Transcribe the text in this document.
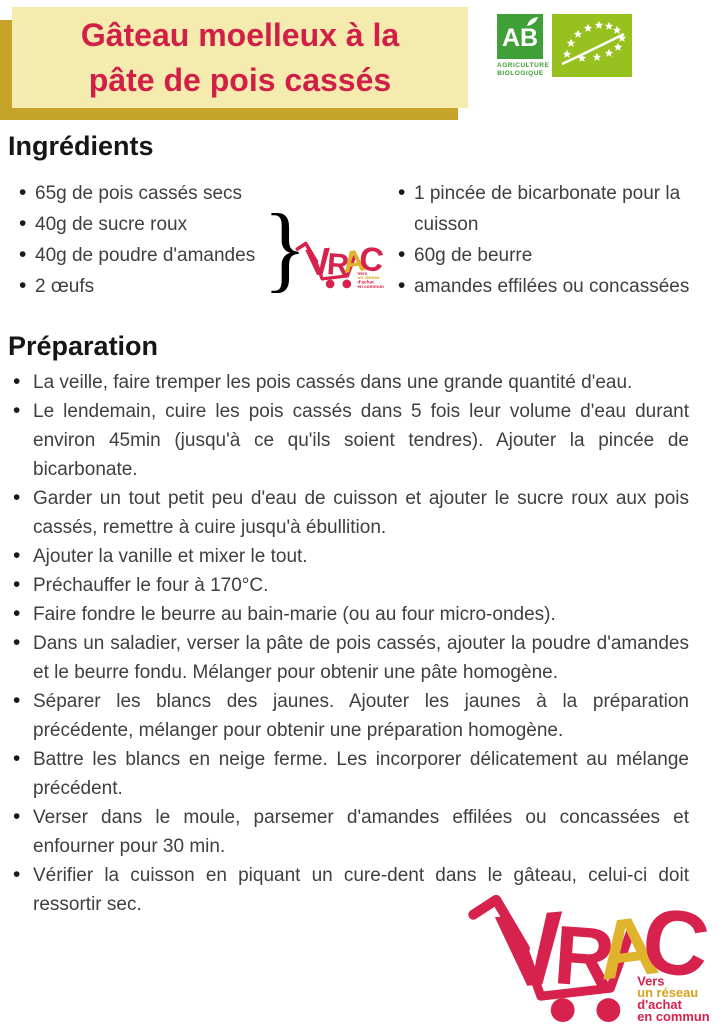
Gâteau moelleux à la
pâte de pois cassés
AB
AGRICULTURE
BIOLOGIQUE
Ingrédients
• 65g de pois cassés secs
• 40g de sucre roux
• 40g de poudre d'amandes
• 2 œufs
• 1 pincée de bicarbonate pour la cuisson
• 60g de beurre
• amandes effilées ou concassées
}
Préparation
• La veille, faire tremper les pois cassés dans une grande quantité d'eau.
• Le lendemain, cuire les pois cassés dans 5 fois leur volume d'eau durant environ 45min (jusqu'à ce qu'ils soient tendres). Ajouter la pincée de bicarbonate.
• Garder un tout petit peu d'eau de cuisson et ajouter le sucre roux aux pois cassés, remettre à cuire jusqu'à ébullition.
• Ajouter la vanille et mixer le tout.
• Préchauffer le four à 170°C.
• Faire fondre le beurre au bain-marie (ou au four micro-ondes).
• Dans un saladier, verser la pâte de pois cassés, ajouter la poudre d'amandes et le beurre fondu. Mélanger pour obtenir une pâte homogène.
• Séparer les blancs des jaunes. Ajouter les jaunes à la préparation précédente, mélanger pour obtenir une préparation homogène.
• Battre les blancs en neige ferme. Les incorporer délicatement au mélange précédent.
• Verser dans le moule, parsemer d'amandes effilées ou concassées et enfourner pour 30 min.
• Vérifier la cuisson en piquant un cure-dent dans le gâteau, celui-ci doit ressortir sec.
